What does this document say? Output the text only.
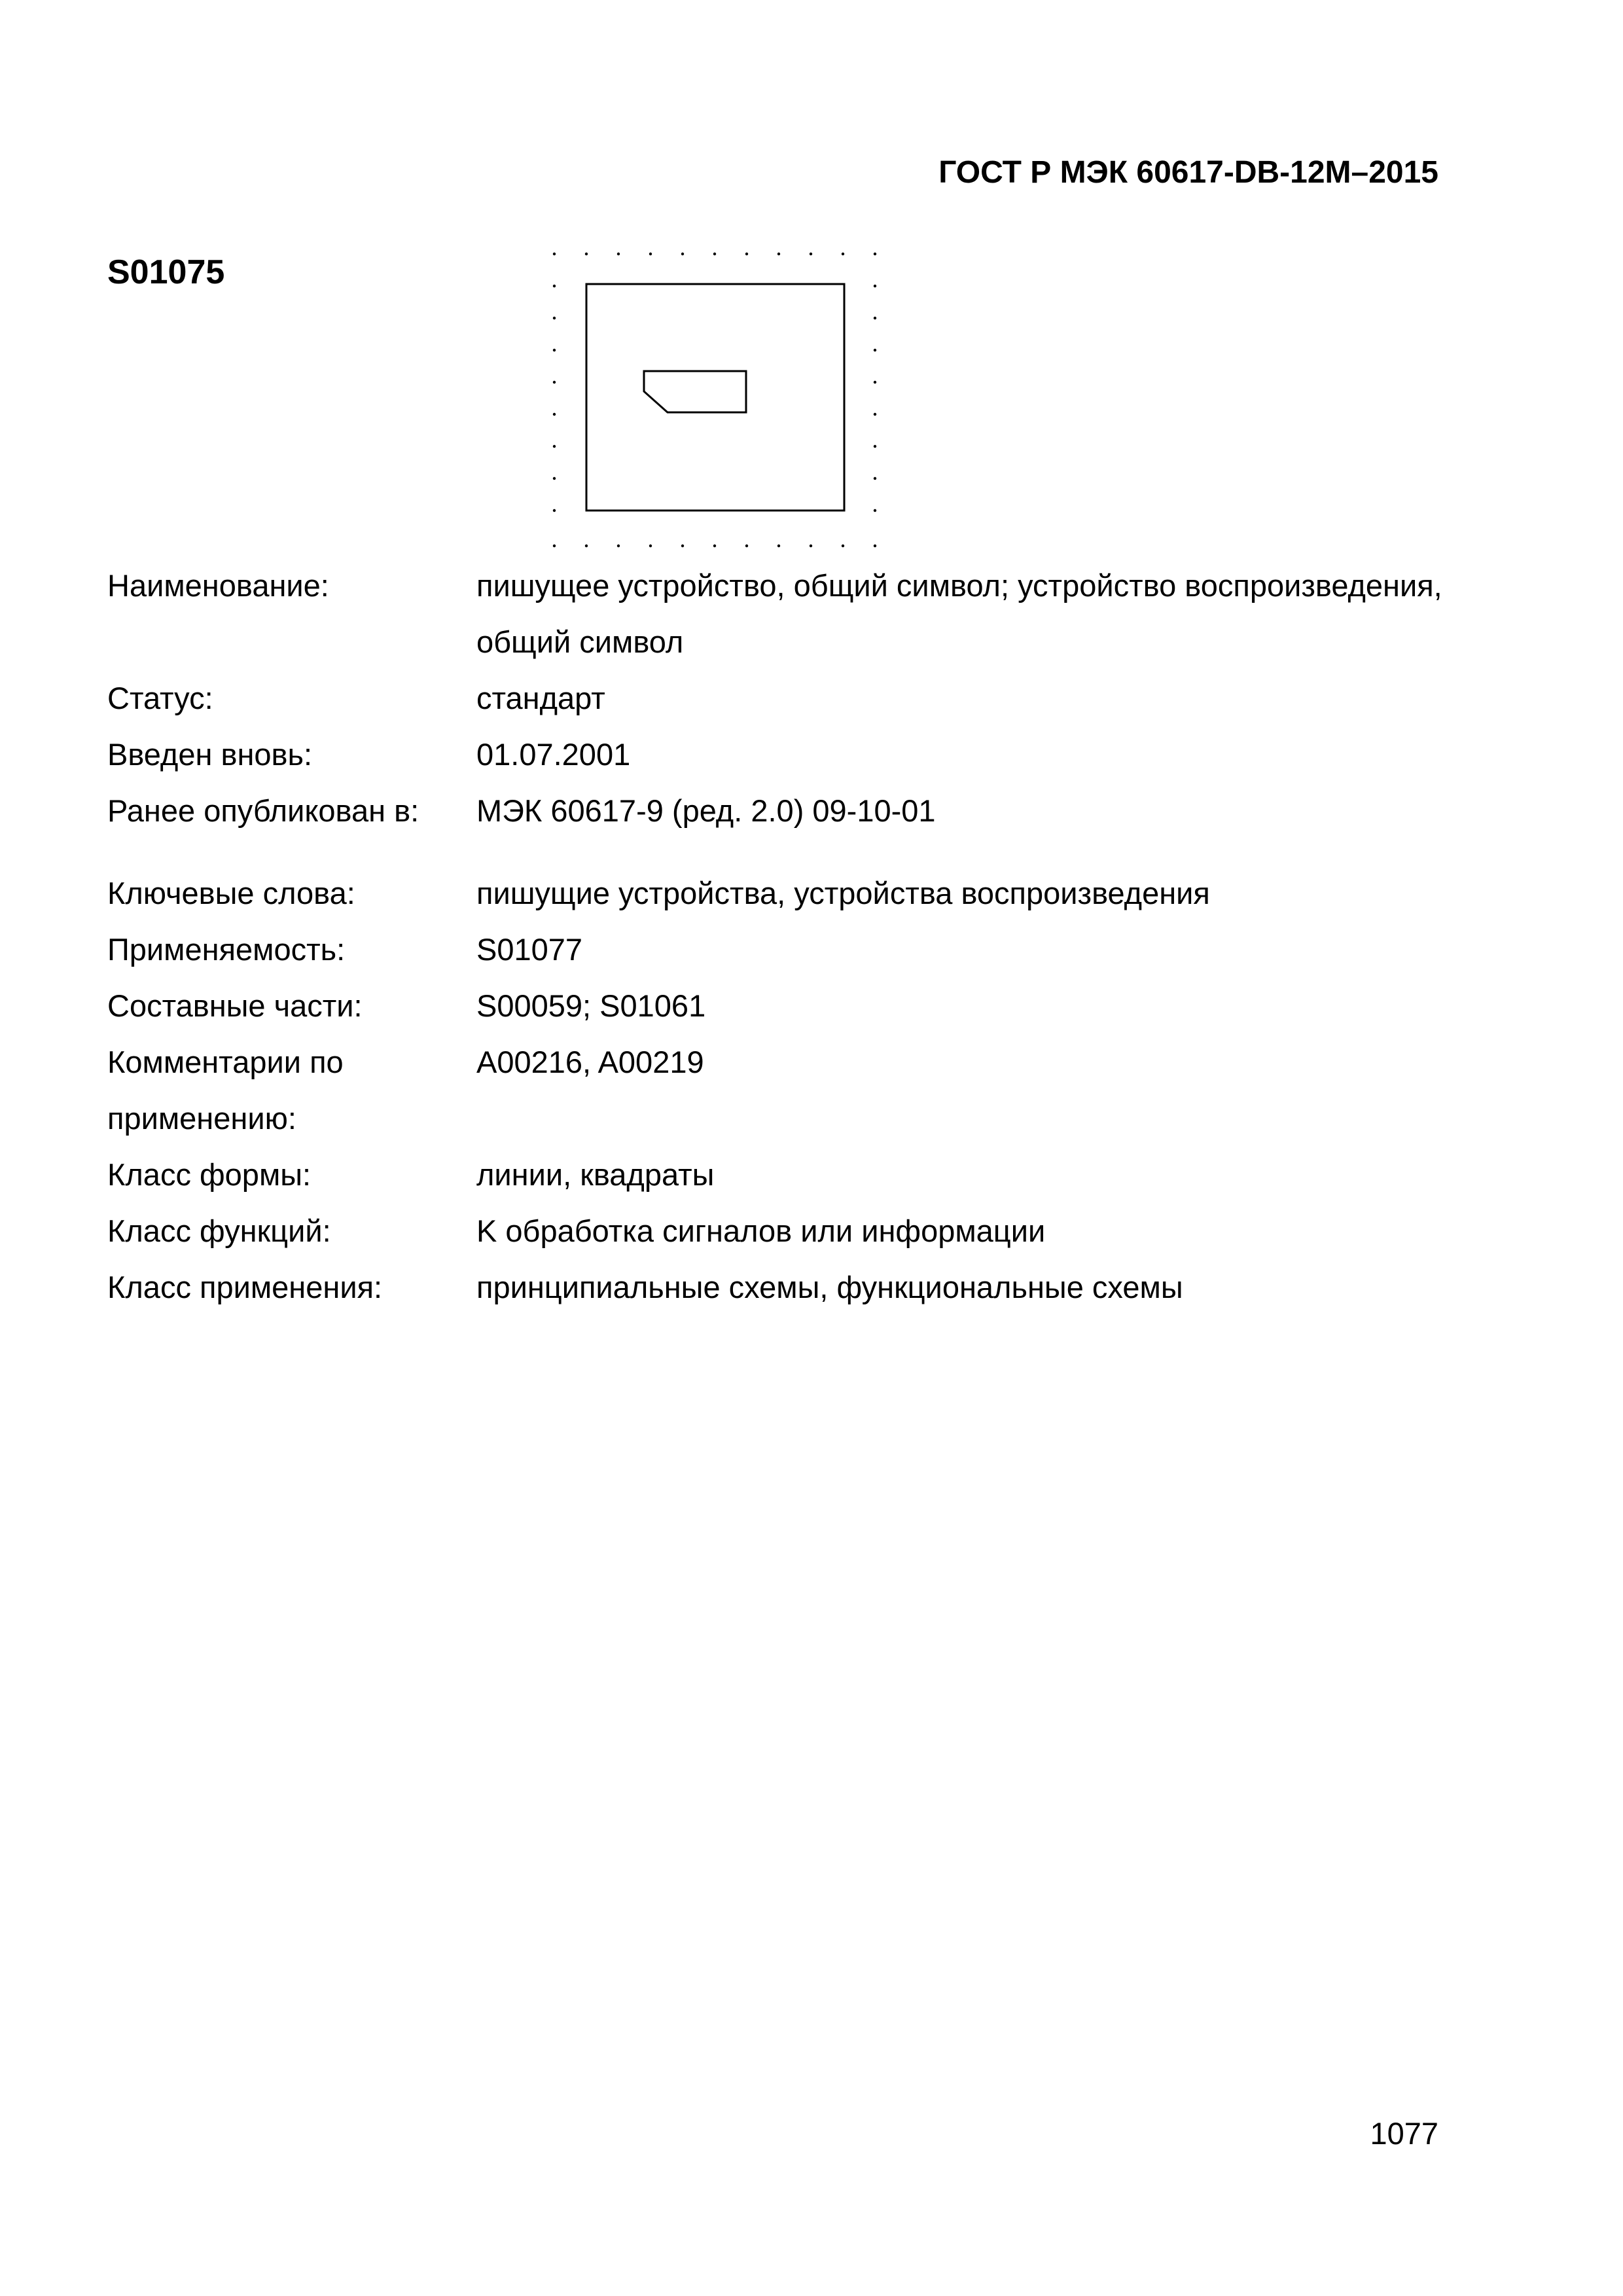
ГОСТ Р МЭК 60617-DB-12M–2015
S01075
Наименование:	пишущее устройство, общий символ; устройство воспроизведения, общий символ
Статус:	стандарт
Введен вновь:	01.07.2001
Ранее опубликован в:	МЭК 60617-9 (ред. 2.0) 09-10-01
Ключевые слова:	пишущие устройства, устройства воспроизведения
Применяемость:	S01077
Составные части:	S00059; S01061
Комментарии по применению:
A00216, A00219
Класс формы:	линии, квадраты
Класс функций:	K обработка сигналов или информации
Класс применения:	принципиальные схемы, функциональные схемы
1077
